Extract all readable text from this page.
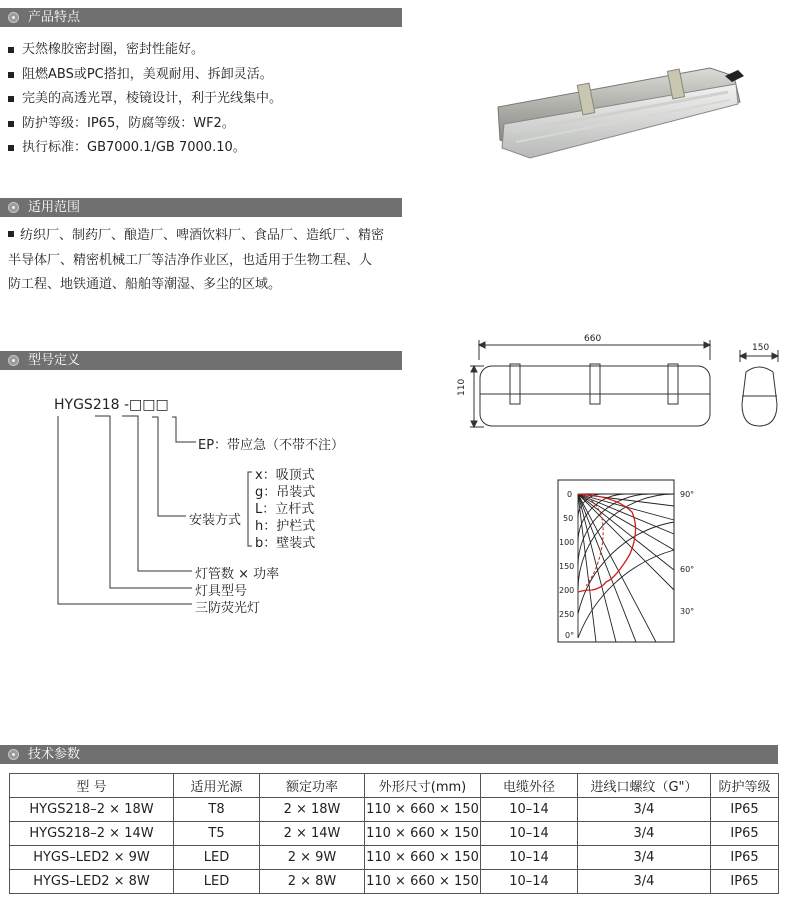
产品特点
天然橡胶密封圈，密封性能好。
阻燃ABS或PC搭扣，美观耐用、拆卸灵活。
完美的高透光罩，棱镜设计，利于光线集中。
防护等级：IP65，防腐等级：WF2。
执行标准：GB7000.1/GB 7000.10。
适用范围
纺织厂、制药厂、酿造厂、啤酒饮料厂、食品厂、造纸厂、精密
半导体厂、精密机械工厂等洁净作业区，也适用于生物工程、人
防工程、地铁通道、船舶等潮湿、多尘的区域。
型号定义
HYGS218 -□□□
EP：带应急（不带不注）
安装方式
x：吸顶式
g：吊装式
L：立杆式
h：护栏式
b：壁装式
灯管数 × 功率
灯具型号
三防荧光灯
660
150
110
0
50
100
150
200
250
0°
90°
60°
30°
技术参数
型 号	适用光源	额定功率	外形尺寸(mm)	电缆外径	进线口螺纹（G"）	防护等级
HYGS218–2 × 18W	T8	2 × 18W	110 × 660 × 150	10–14	3/4	IP65
HYGS218–2 × 14W	T5	2 × 14W	110 × 660 × 150	10–14	3/4	IP65
HYGS–LED2 × 9W	LED	2 × 9W	110 × 660 × 150	10–14	3/4	IP65
HYGS–LED2 × 8W	LED	2 × 8W	110 × 660 × 150	10–14	3/4	IP65
